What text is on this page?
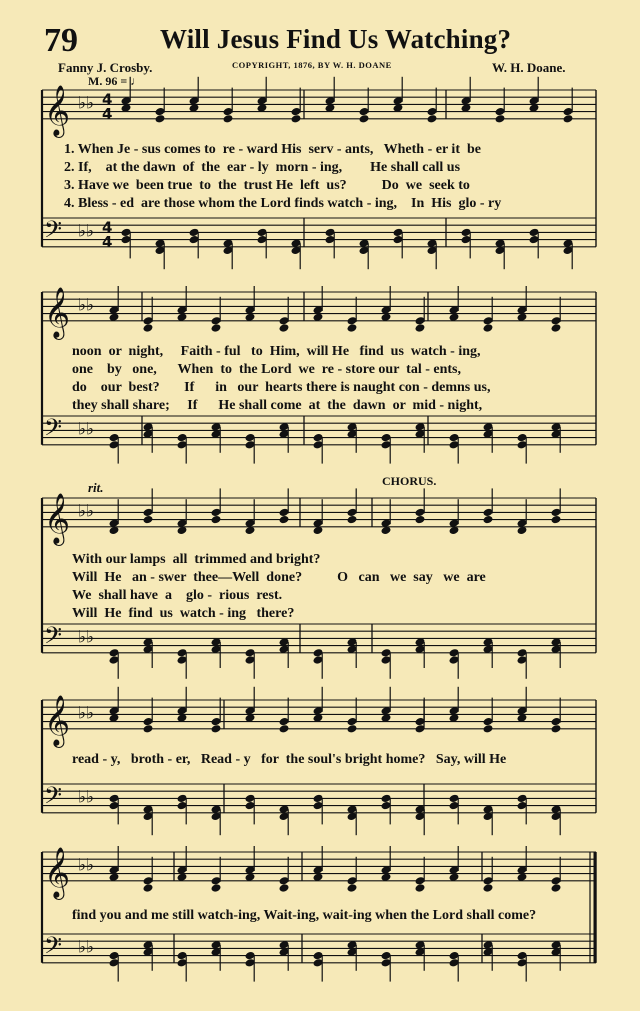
79	Will Jesus Find Us Watching?
Fanny J. Crosby.	COPYRIGHT, 1876, BY W. H. DOANE	W. H. Doane.
M. 96 = ♩
rit.	CHORUS.
𝄞 ♭♭
4
4
𝄢 ♭♭
4
4
𝄞 ♭♭
𝄢 ♭♭
𝄞 ♭♭
𝄢 ♭♭
𝄞 ♭♭
𝄢 ♭♭
𝄞 ♭♭
𝄢 ♭♭
1. When Je - sus comes to  re - ward His  serv - ants,   Wheth - er it  be
2. If,    at the dawn  of  the  ear - ly  morn - ing,        He shall call us
3. Have we  been true  to  the  trust He  left  us?          Do  we  seek to
4. Bless - ed  are those whom the Lord finds watch - ing,    In  His  glo - ry
noon  or  night,     Faith - ful   to  Him,  will He   find  us  watch - ing,
one    by   one,      When  to  the Lord  we  re - store our  tal - ents,
do    our  best?       If      in   our  hearts there is naught con - demns us,
they shall share;     If      He shall come  at  the  dawn  or  mid - night,
With our lamps  all  trimmed and bright?
Will  He   an - swer  thee—Well  done?          O   can   we  say   we  are
We  shall have  a    glo -  rious  rest.
Will  He  find  us  watch - ing   there?
read - y,   broth - er,   Read - y   for  the soul's bright home?   Say, will He
find you and me still watch-ing, Wait-ing, wait-ing when the Lord shall come?
